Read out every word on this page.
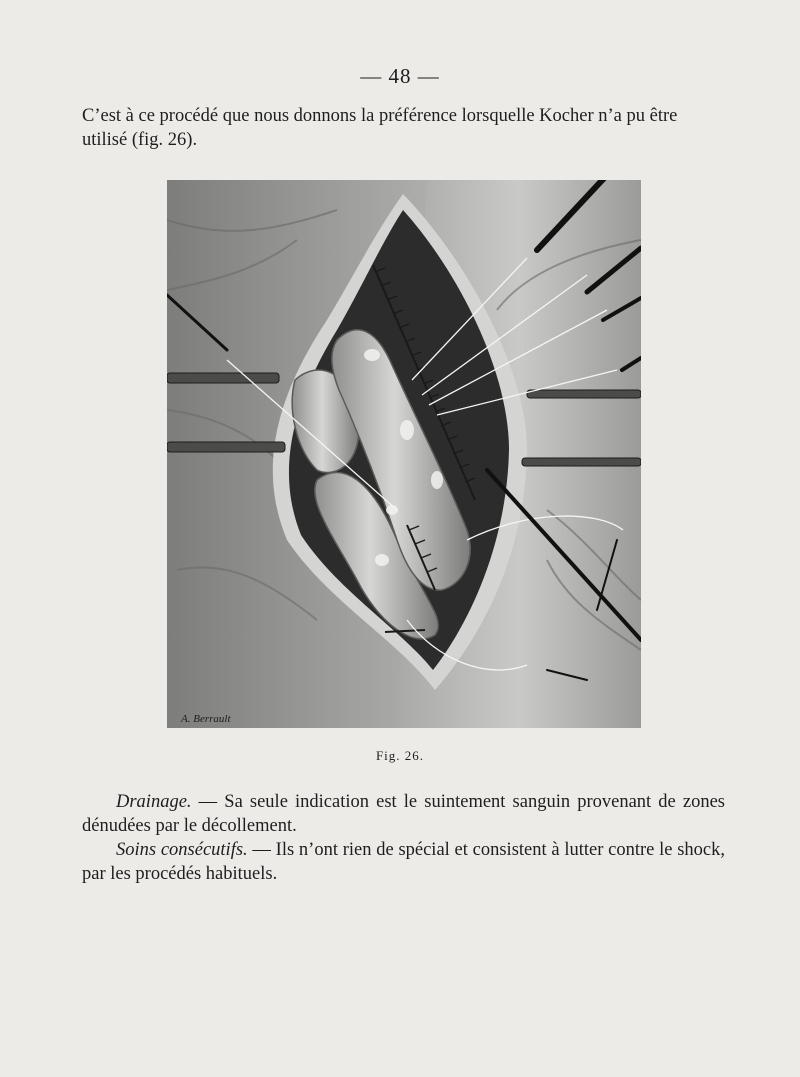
— 48 —

C’est à ce procédé que nous donnons la préférence lorsquelle Kocher n’a pu être
utilisé (fig. 26).

A. Berrault
Fig. 26.

Drainage. — Sa seule indication est le suintement sanguin provenant de zones dénudées par le décollement.
Soins consécutifs. — Ils n’ont rien de spécial et consistent à lutter contre le shock, par les procédés habituels.
